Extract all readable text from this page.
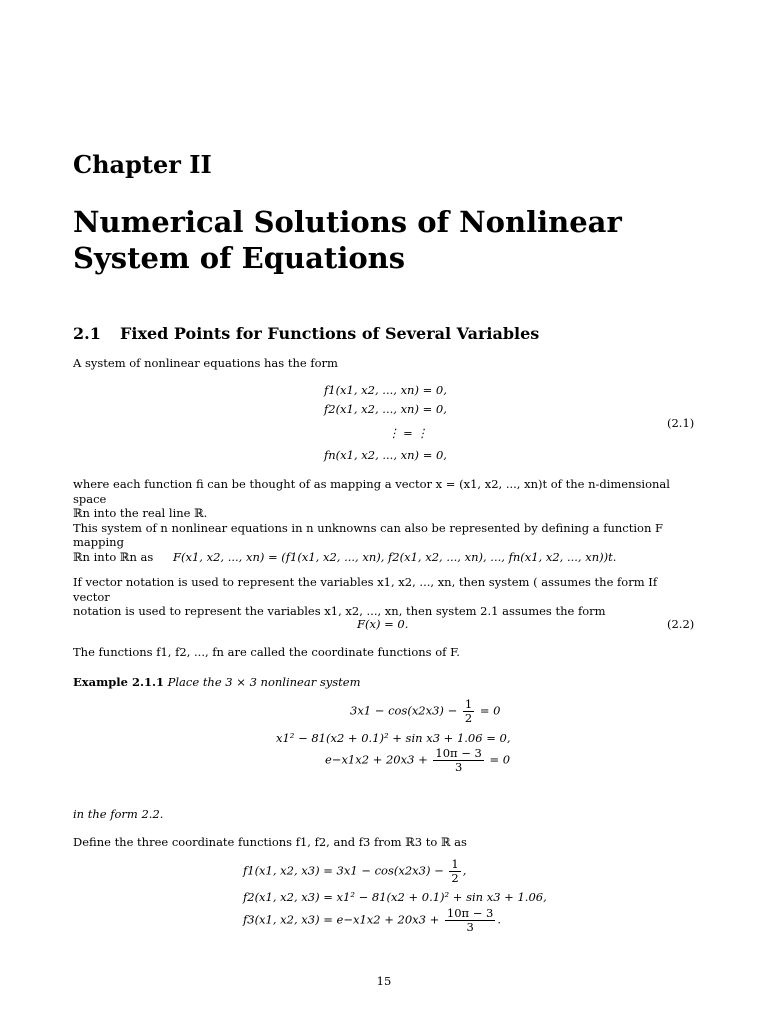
Chapter II
Numerical Solutions of Nonlinear
System of Equations
2.1 Fixed Points for Functions of Several Variables
A system of nonlinear equations has the form
f1(x1, x2, ..., xn) = 0,
f2(x1, x2, ..., xn) = 0,
⋮ = ⋮
fn(x1, x2, ..., xn) = 0,
(2.1)
where each function fi can be thought of as mapping a vector x = (x1, x2, ..., xn)t of the n-dimensional space
ℝn into the real line ℝ.
This system of n nonlinear equations in n unknowns can also be represented by defining a function F mapping
ℝn into ℝn as	F(x1, x2, ..., xn) = (f1(x1, x2, ..., xn), f2(x1, x2, ..., xn), ..., fn(x1, x2, ..., xn))t.
If vector notation is used to represent the variables x1, x2, ..., xn, then system ( assumes the form If vector
notation is used to represent the variables x1, x2, ..., xn, then system 2.1 assumes the form
F(x) = 0.	(2.2)
The functions f1, f2, ..., fn are called the coordinate functions of F.
Example 2.1.1 Place the 3 × 3 nonlinear system
$3x1 - \cos(x2x3) - \frac{1}{2} = 0$
x1² − 81(x2 + 0.1)² + sin x3 + 1.06 = 0,
$e-x1x2 + 20x3 + \frac{10\pi - 3}{3} = 0$
in the form 2.2.
Define the three coordinate functions f1, f2, and f3 from ℝ3 to ℝ as
f1(x1, x2, $x3) = 3x1 - \cos(x2x3) - \frac{1}{2}$ ,
f2(x1, x2, x3) = x1² − 81(x2 + 0.1)² + sin x3 + 1.06,
f3(x1, x2, $x3) = e-x1x2 + 20x3 + \frac{10\pi - 3}{3}$ .
15
